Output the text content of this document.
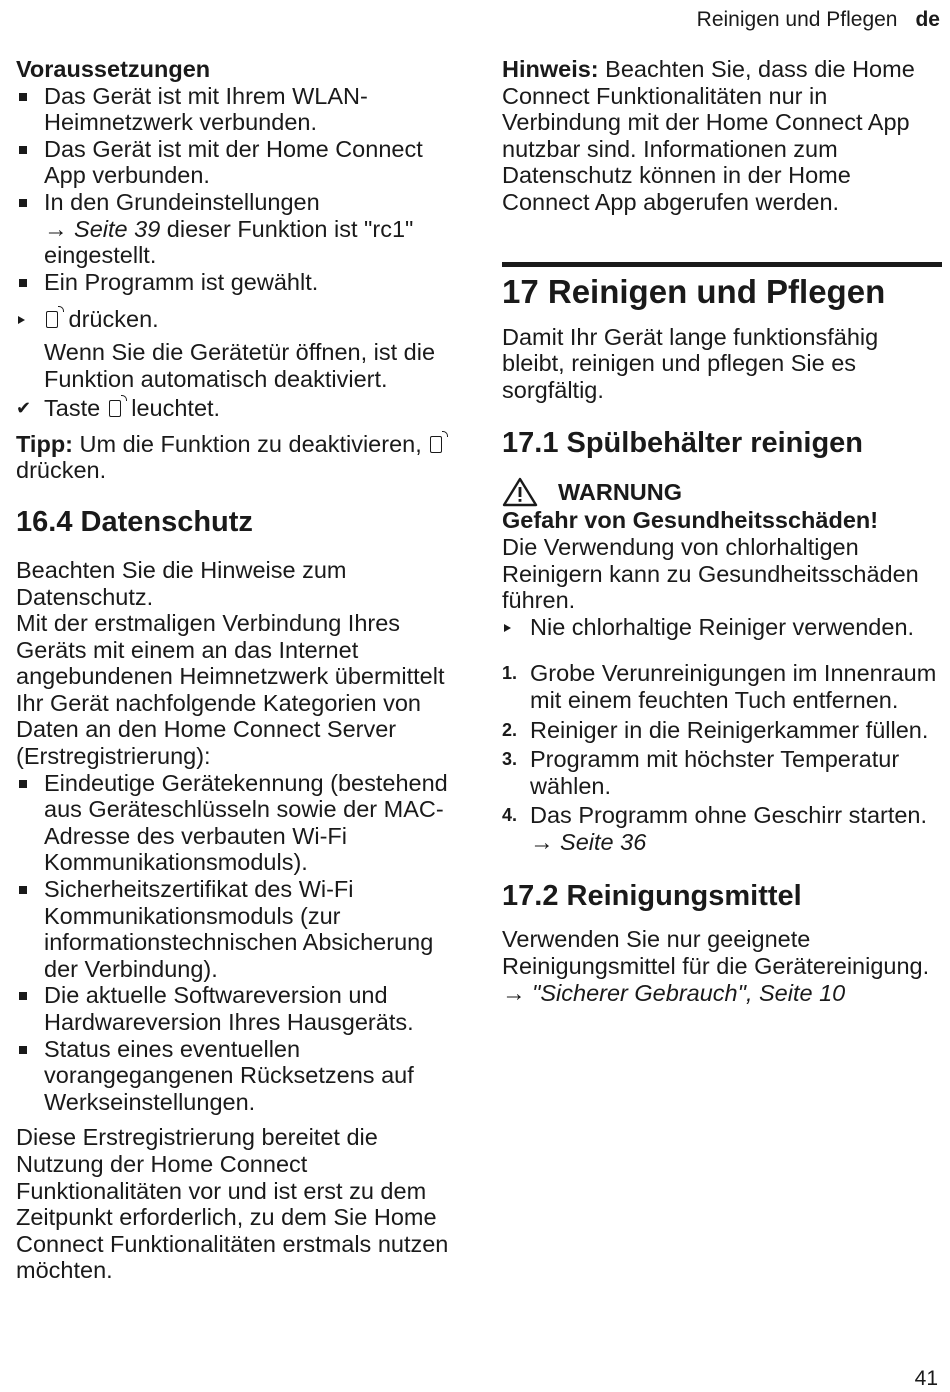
Reinigen und Pflegen de

Voraussetzungen

Das Gerät ist mit Ihrem WLAN-Heimnetzwerk verbunden.
Das Gerät ist mit der Home Connect App verbunden.
In den Grundeinstellungen
→ Seite 39 dieser Funktion ist "rc1" eingestellt.
Ein Programm ist gewählt.

drücken.

Wenn Sie die Gerätetür öffnen, ist die Funktion automatisch deaktiviert.

✔ Taste  leuchtet.

Tipp: Um die Funktion zu deaktivieren,  drücken.

16.4 Datenschutz

Beachten Sie die Hinweise zum Datenschutz.

Mit der erstmaligen Verbindung Ihres Geräts mit einem an das Internet angebundenen Heimnetzwerk übermittelt Ihr Gerät nachfolgende Kategorien von Daten an den Home Connect Server (Erstregistrierung):

Eindeutige Gerätekennung (bestehend aus Geräteschlüsseln sowie der MAC-Adresse des verbauten Wi-Fi Kommunikationsmoduls).
Sicherheitszertifikat des Wi-Fi Kommunikationsmoduls (zur informationstechnischen Absicherung der Verbindung).
Die aktuelle Softwareversion und Hardwareversion Ihres Hausgeräts.
Status eines eventuellen vorangegangenen Rücksetzens auf Werkseinstellungen.

Diese Erstregistrierung bereitet die Nutzung der Home Connect Funktionalitäten vor und ist erst zu dem Zeitpunkt erforderlich, zu dem Sie Home Connect Funktionalitäten erstmals nutzen möchten.

Hinweis: Beachten Sie, dass die Home Connect Funktionalitäten nur in Verbindung mit der Home Connect App nutzbar sind. Informationen zum Datenschutz können in der Home Connect App abgerufen werden.

17 Reinigen und Pflegen

Damit Ihr Gerät lange funktionsfähig bleibt, reinigen und pflegen Sie es sorgfältig.

17.1 Spülbehälter reinigen
WARNUNG

Gefahr von Gesundheitsschäden!

Die Verwendung von chlorhaltigen Reinigern kann zu Gesundheitsschäden führen.

Nie chlorhaltige Reiniger verwenden.

1. Grobe Verunreinigungen im Innenraum mit einem feuchten Tuch entfernen.
2. Reiniger in die Reinigerkammer füllen.
3. Programm mit höchster Temperatur wählen.
4. Das Programm ohne Geschirr starten. → Seite 36
17.2 Reinigungsmittel

Verwenden Sie nur geeignete Reinigungsmittel für die Gerätereinigung.
→ "Sicherer Gebrauch", Seite 10

41
